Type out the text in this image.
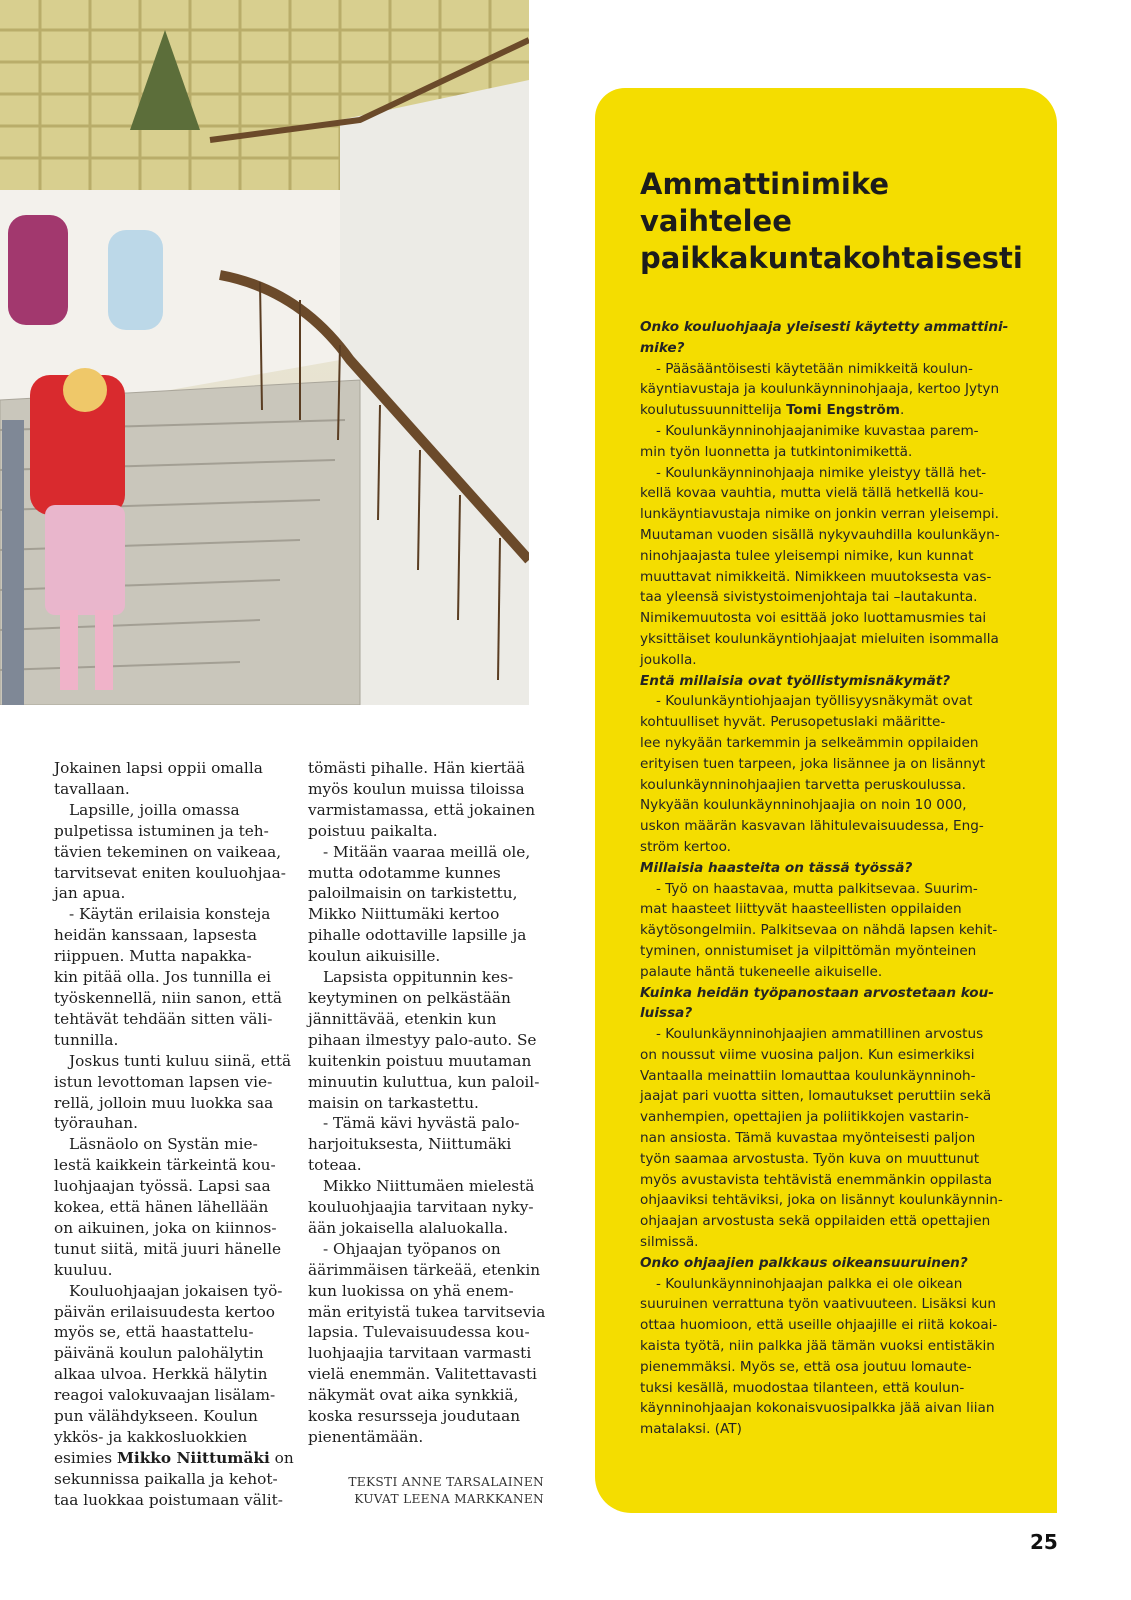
Jokainen lapsi oppii omalla
tavallaan.
Lapsille, joilla omassa
pulpetissa istuminen ja teh-
tävien tekeminen on vaikeaa,
tarvitsevat eniten kouluohjaa-
jan apua.
- Käytän erilaisia konsteja
heidän kanssaan, lapsesta
riippuen. Mutta napakka-
kin pitää olla. Jos tunnilla ei
työskennellä, niin sanon, että
tehtävät tehdään sitten väli-
tunnilla.
Joskus tunti kuluu siinä, että
istun levottoman lapsen vie-
rellä, jolloin muu luokka saa
työrauhan.
Läsnäolo on Systän mie-
lestä kaikkein tärkeintä kou-
luohjaajan työssä. Lapsi saa
kokea, että hänen lähellään
on aikuinen, joka on kiinnos-
tunut siitä, mitä juuri hänelle
kuuluu.
Kouluohjaajan jokaisen työ-
päivän erilaisuudesta kertoo
myös se, että haastattelu-
päivänä koulun palohälytin
alkaa ulvoa. Herkkä hälytin
reagoi valokuvaajan lisälam-
pun välähdykseen. Koulun
ykkös- ja kakkosluokkien
esimies Mikko Niittumäki on
sekunnissa paikalla ja kehot-
taa luokkaa poistumaan välit-
tömästi pihalle. Hän kiertää
myös koulun muissa tiloissa
varmistamassa, että jokainen
poistuu paikalta.
- Mitään vaaraa meillä ole,
mutta odotamme kunnes
paloilmaisin on tarkistettu,
Mikko Niittumäki kertoo
pihalle odottaville lapsille ja
koulun aikuisille.
Lapsista oppitunnin kes-
keytyminen on pelkästään
jännittävää, etenkin kun
pihaan ilmestyy palo-auto. Se
kuitenkin poistuu muutaman
minuutin kuluttua, kun paloil-
maisin on tarkastettu.
- Tämä kävi hyvästä palo-
harjoituksesta, Niittumäki
toteaa.
Mikko Niittumäen mielestä
kouluohjaajia tarvitaan nyky-
ään jokaisella alaluokalla.
- Ohjaajan työpanos on
äärimmäisen tärkeää, etenkin
kun luokissa on yhä enem-
män erityistä tukea tarvitsevia
lapsia. Tulevaisuudessa kou-
luohjaajia tarvitaan varmasti
vielä enemmän. Valitettavasti
näkymät ovat aika synkkiä,
koska resursseja joudutaan
pienentämään.
TEKSTI ANNE TARSALAINEN
KUVAT LEENA MARKKANEN
Ammattinimike
vaihtelee
paikkakuntakohtaisesti
Onko kouluohjaaja yleisesti käytetty ammattini-
mike?
- Pääsääntöisesti käytetään nimikkeitä koulun-
käyntiavustaja ja koulunkäynninohjaaja, kertoo Jytyn
koulutussuunnittelija Tomi Engström.
- Koulunkäynninohjaajanimike kuvastaa parem-
min työn luonnetta ja tutkintonimikettä.
- Koulunkäynninohjaaja nimike yleistyy tällä het-
kellä kovaa vauhtia, mutta vielä tällä hetkellä kou-
lunkäyntiavustaja nimike on jonkin verran yleisempi.
Muutaman vuoden sisällä nykyvauhdilla koulunkäyn-
ninohjaajasta tulee yleisempi nimike, kun kunnat
muuttavat nimikkeitä. Nimikkeen muutoksesta vas-
taa yleensä sivistystoimenjohtaja tai –lautakunta.
Nimikemuutosta voi esittää joko luottamusmies tai
yksittäiset koulunkäyntiohjaajat mieluiten isommalla
joukolla.
Entä millaisia ovat työllistymisnäkymät?
- Koulunkäyntiohjaajan työllisyysnäkymät ovat
kohtuulliset hyvät. Perusopetuslaki määritte-
lee nykyään tarkemmin ja selkeämmin oppilaiden
erityisen tuen tarpeen, joka lisännee ja on lisännyt
koulunkäynninohjaajien tarvetta peruskoulussa.
Nykyään koulunkäynninohjaajia on noin 10 000,
uskon määrän kasvavan lähitulevaisuudessa, Eng-
ström kertoo.
Millaisia haasteita on tässä työssä?
- Työ on haastavaa, mutta palkitsevaa. Suurim-
mat haasteet liittyvät haasteellisten oppilaiden
käytösongelmiin. Palkitsevaa on nähdä lapsen kehit-
tyminen, onnistumiset ja vilpittömän myönteinen
palaute häntä tukeneelle aikuiselle.
Kuinka heidän työpanostaan arvostetaan kou-
luissa?
- Koulunkäynninohjaajien ammatillinen arvostus
on noussut viime vuosina paljon. Kun esimerkiksi
Vantaalla meinattiin lomauttaa koulunkäynninoh-
jaajat pari vuotta sitten, lomautukset peruttiin sekä
vanhempien, opettajien ja poliitikkojen vastarin-
nan ansiosta. Tämä kuvastaa myönteisesti paljon
työn saamaa arvostusta. Työn kuva on muuttunut
myös avustavista tehtävistä enemmänkin oppilasta
ohjaaviksi tehtäviksi, joka on lisännyt koulunkäynnin-
ohjaajan arvostusta sekä oppilaiden että opettajien
silmissä.
Onko ohjaajien palkkaus oikeansuuruinen?
- Koulunkäynninohjaajan palkka ei ole oikean
suuruinen verrattuna työn vaativuuteen. Lisäksi kun
ottaa huomioon, että useille ohjaajille ei riitä kokoai-
kaista työtä, niin palkka jää tämän vuoksi entistäkin
pienemmäksi. Myös se, että osa joutuu lomaute-
tuksi kesällä, muodostaa tilanteen, että koulun-
käynninohjaajan kokonaisvuosipalkka jää aivan liian
matalaksi. (AT)
25
